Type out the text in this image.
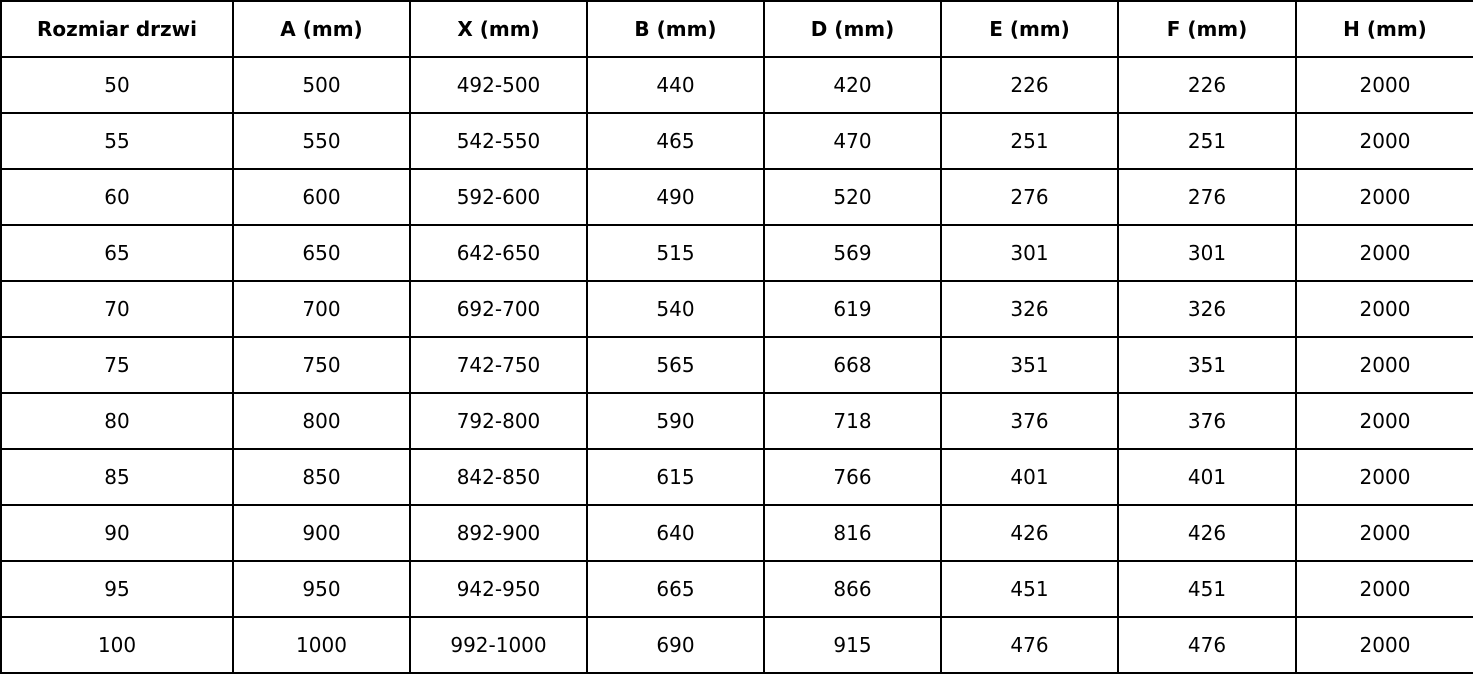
Rozmiar drzwi	A (mm)	X (mm)	B (mm)	D (mm)	E (mm)	F (mm)	H (mm)
50	500	492-500	440	420	226	226	2000
55	550	542-550	465	470	251	251	2000
60	600	592-600	490	520	276	276	2000
65	650	642-650	515	569	301	301	2000
70	700	692-700	540	619	326	326	2000
75	750	742-750	565	668	351	351	2000
80	800	792-800	590	718	376	376	2000
85	850	842-850	615	766	401	401	2000
90	900	892-900	640	816	426	426	2000
95	950	942-950	665	866	451	451	2000
100	1000	992-1000	690	915	476	476	2000
